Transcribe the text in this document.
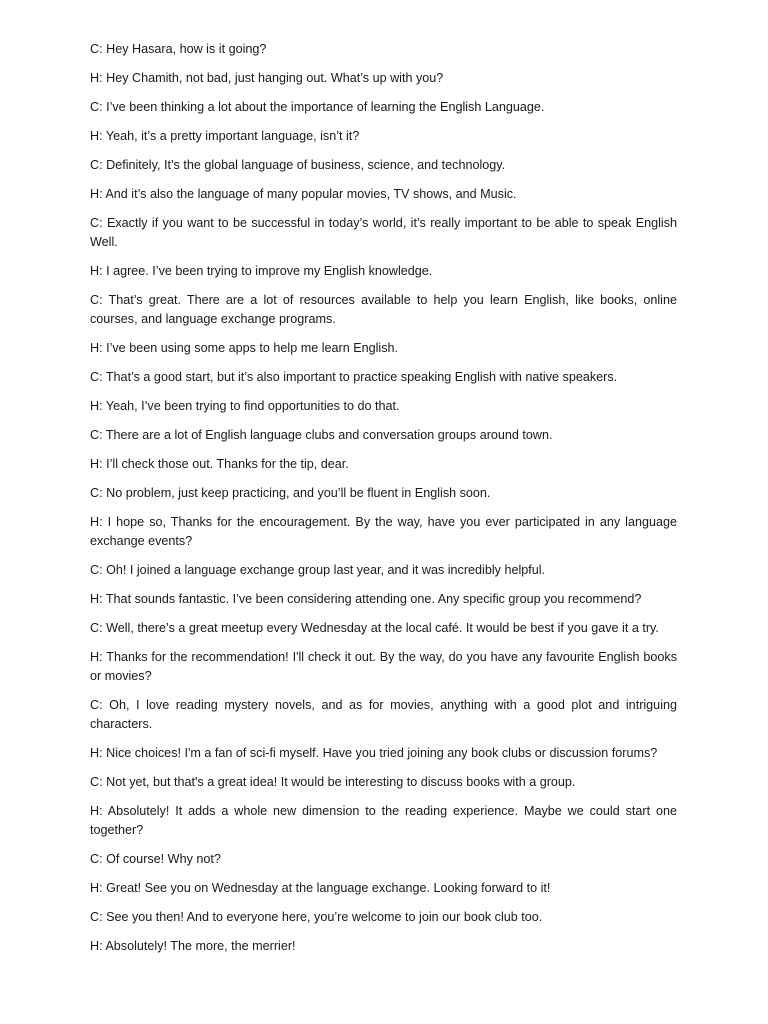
C: Hey Hasara, how is it going?

H: Hey Chamith, not bad, just hanging out. What’s up with you?

C: I’ve been thinking a lot about the importance of learning the English Language.

H: Yeah, it’s a pretty important language, isn’t it?

C: Definitely, It’s the global language of business, science, and technology.

H: And it’s also the language of many popular movies, TV shows, and Music.

C: Exactly if you want to be successful in today’s world, it’s really important to be able to speak English Well.

H: I agree. I’ve been trying to improve my English knowledge.

C: That’s great. There are a lot of resources available to help you learn English, like books, online courses, and language exchange programs.

H: I’ve been using some apps to help me learn English.

C: That’s a good start, but it’s also important to practice speaking English with native speakers.

H: Yeah, I’ve been trying to find opportunities to do that.

C: There are a lot of English language clubs and conversation groups around town.

H: I’ll check those out. Thanks for the tip, dear.

C: No problem, just keep practicing, and you’ll be fluent in English soon.

H: I hope so, Thanks for the encouragement. By the way, have you ever participated in any language exchange events?

C: Oh! I joined a language exchange group last year, and it was incredibly helpful.

H: That sounds fantastic. I’ve been considering attending one. Any specific group you recommend?

C: Well, there’s a great meetup every Wednesday at the local café. It would be best if you gave it a try.

H: Thanks for the recommendation! I'll check it out. By the way, do you have any favourite English books or movies?

C: Oh, I love reading mystery novels, and as for movies, anything with a good plot and intriguing characters.

H: Nice choices! I'm a fan of sci-fi myself. Have you tried joining any book clubs or discussion forums?

C: Not yet, but that's a great idea! It would be interesting to discuss books with a group.

H: Absolutely! It adds a whole new dimension to the reading experience. Maybe we could start one together?

C: Of course! Why not?

H: Great! See you on Wednesday at the language exchange. Looking forward to it!

C: See you then! And to everyone here, you’re welcome to join our book club too.

H: Absolutely! The more, the merrier!
